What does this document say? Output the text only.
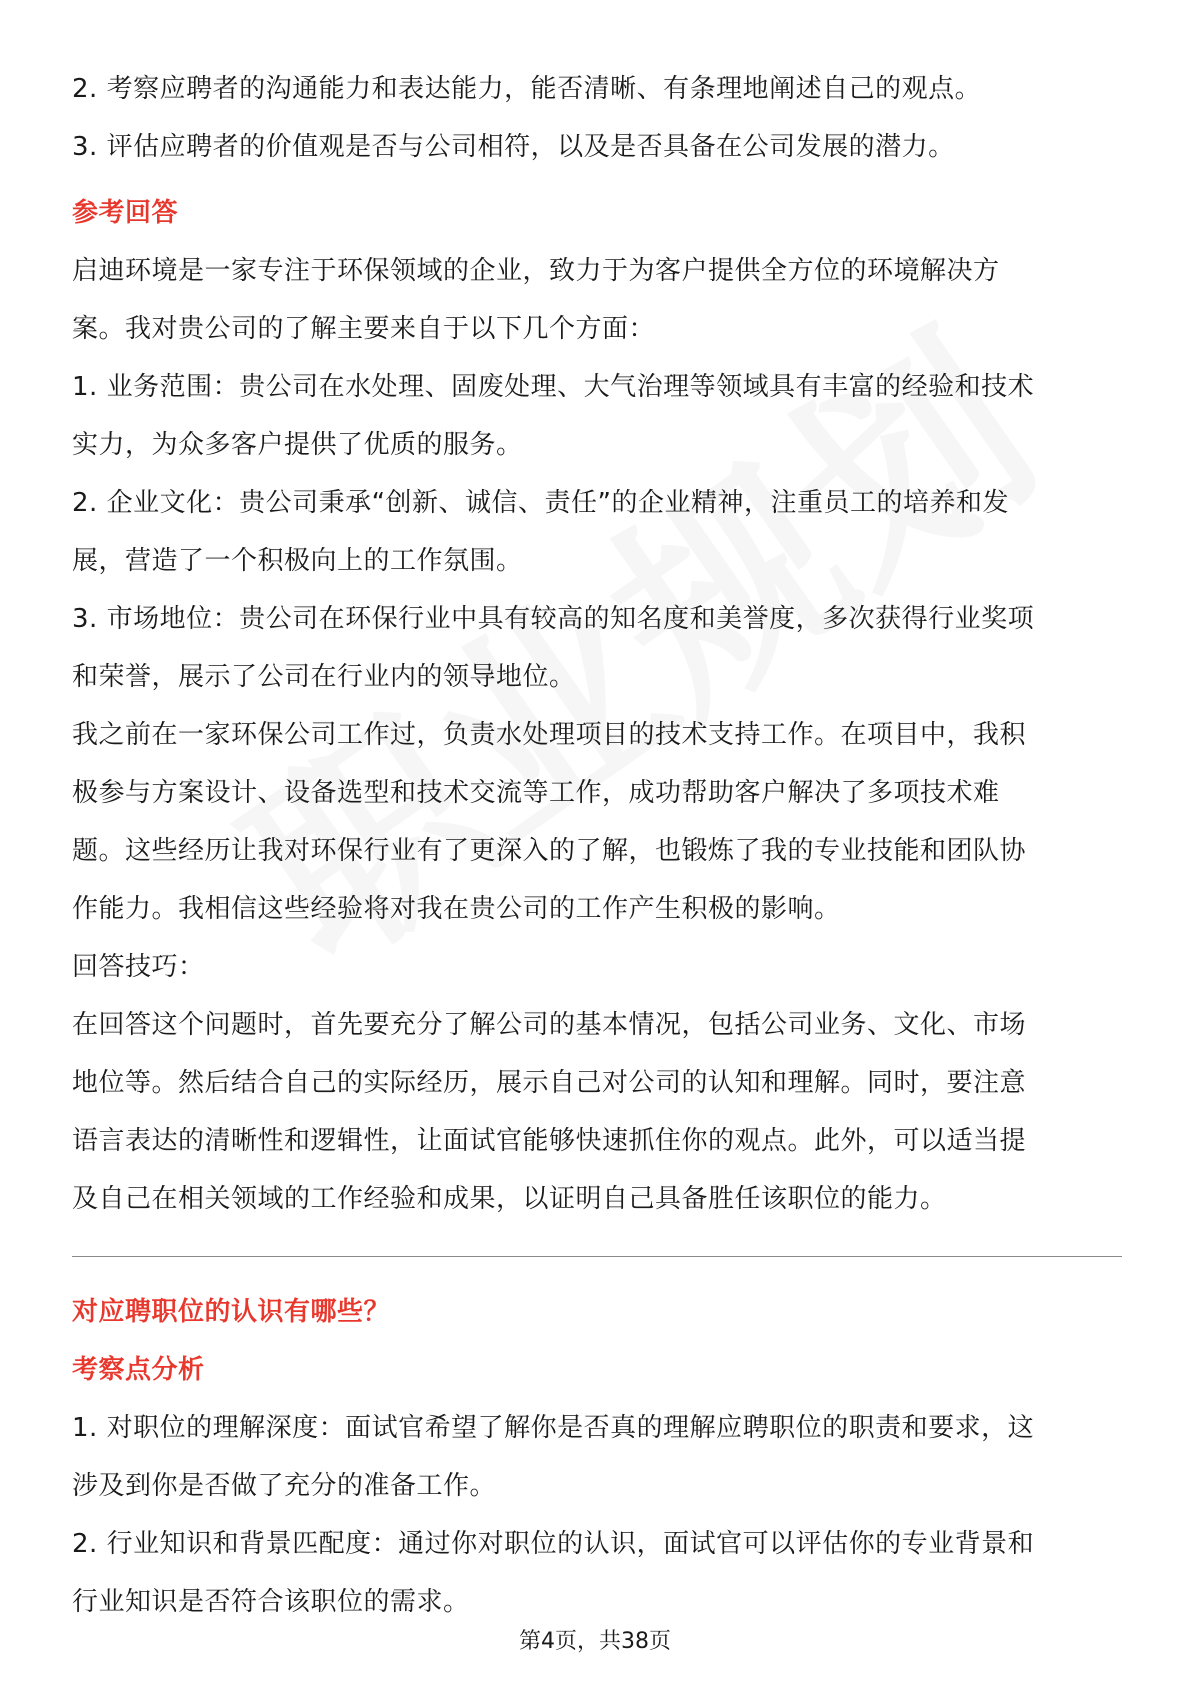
2. 考察应聘者的沟通能力和表达能力，能否清晰、有条理地阐述自己的观点。
3. 评估应聘者的价值观是否与公司相符，以及是否具备在公司发展的潜力。
参考回答
启迪环境是一家专注于环保领域的企业，致力于为客户提供全方位的环境解决方
案。我对贵公司的了解主要来自于以下几个方面：
1. 业务范围：贵公司在水处理、固废处理、大气治理等领域具有丰富的经验和技术
实力，为众多客户提供了优质的服务。
2. 企业文化：贵公司秉承“创新、诚信、责任”的企业精神，注重员工的培养和发
展，营造了一个积极向上的工作氛围。
3. 市场地位：贵公司在环保行业中具有较高的知名度和美誉度，多次获得行业奖项
和荣誉，展示了公司在行业内的领导地位。
我之前在一家环保公司工作过，负责水处理项目的技术支持工作。在项目中，我积
极参与方案设计、设备选型和技术交流等工作，成功帮助客户解决了多项技术难
题。这些经历让我对环保行业有了更深入的了解，也锻炼了我的专业技能和团队协
作能力。我相信这些经验将对我在贵公司的工作产生积极的影响。
回答技巧：
在回答这个问题时，首先要充分了解公司的基本情况，包括公司业务、文化、市场
地位等。然后结合自己的实际经历，展示自己对公司的认知和理解。同时，要注意
语言表达的清晰性和逻辑性，让面试官能够快速抓住你的观点。此外，可以适当提
及自己在相关领域的工作经验和成果，以证明自己具备胜任该职位的能力。
对应聘职位的认识有哪些？
考察点分析
1. 对职位的理解深度：面试官希望了解你是否真的理解应聘职位的职责和要求，这
涉及到你是否做了充分的准备工作。
2. 行业知识和背景匹配度：通过你对职位的认识，面试官可以评估你的专业背景和
行业知识是否符合该职位的需求。
第4页，共38页
